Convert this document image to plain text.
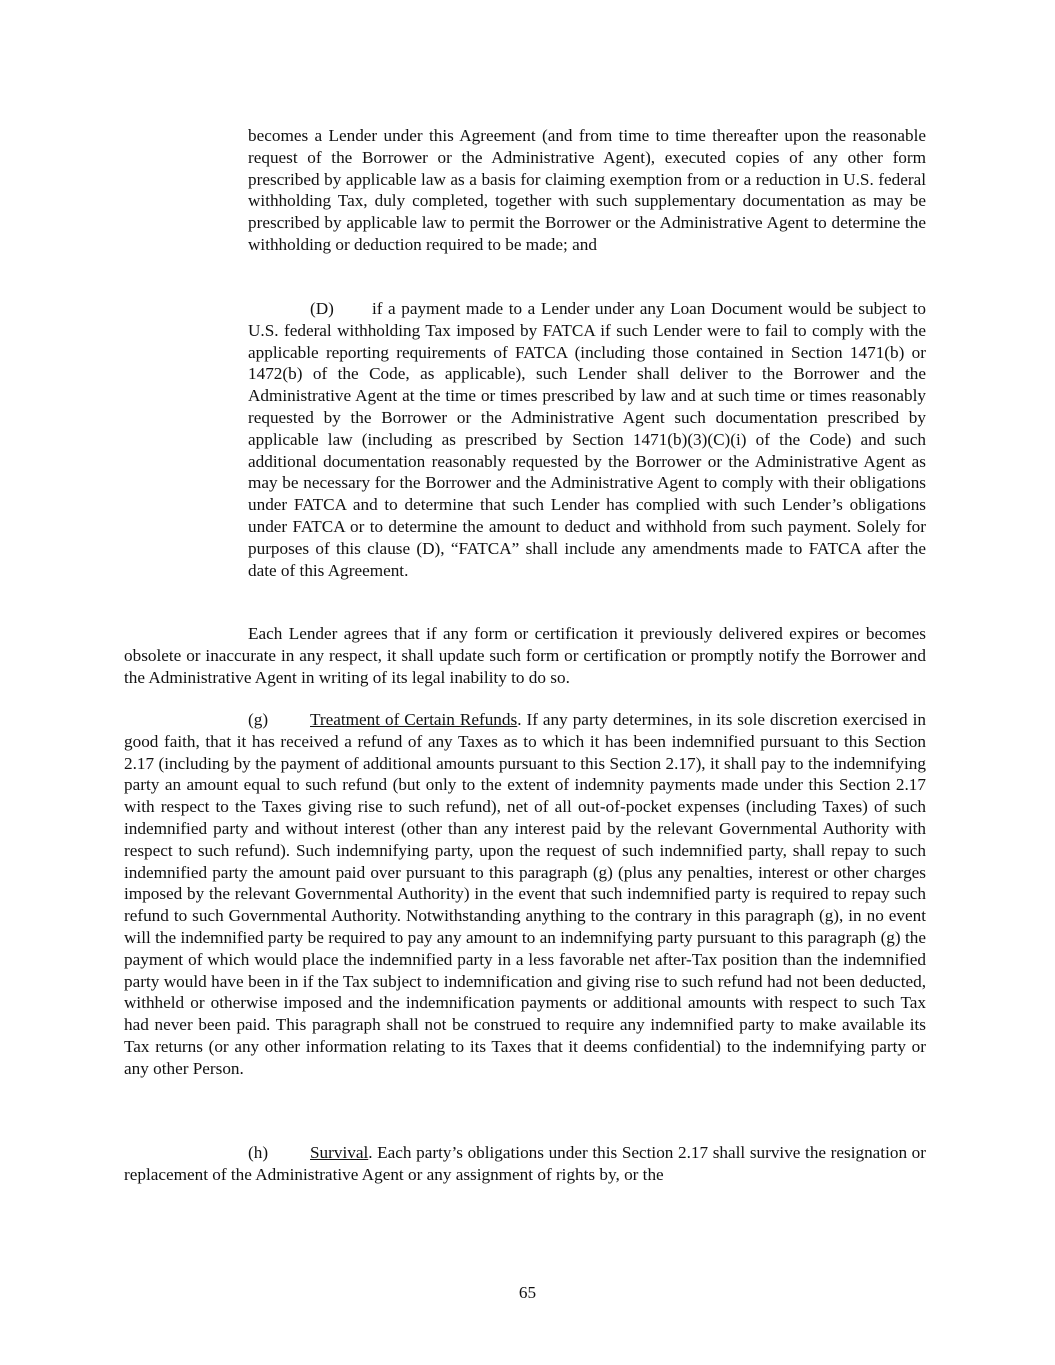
becomes a Lender under this Agreement (and from time to time thereafter upon the reasonable request of the Borrower or the Administrative Agent), executed copies of any other form prescribed by applicable law as a basis for claiming exemption from or a reduction in U.S. federal withholding Tax, duly completed, together with such supplementary documentation as may be prescribed by applicable law to permit the Borrower or the Administrative Agent to determine the withholding or deduction required to be made; and

(D) if a payment made to a Lender under any Loan Document would be subject to U.S. federal withholding Tax imposed by FATCA if such Lender were to fail to comply with the applicable reporting requirements of FATCA (including those contained in Section 1471(b) or 1472(b) of the Code, as applicable), such Lender shall deliver to the Borrower and the Administrative Agent at the time or times prescribed by law and at such time or times reasonably requested by the Borrower or the Administrative Agent such documentation prescribed by applicable law (including as prescribed by Section 1471(b)(3)(C)(i) of the Code) and such additional documentation reasonably requested by the Borrower or the Administrative Agent as may be necessary for the Borrower and the Administrative Agent to comply with their obligations under FATCA and to determine that such Lender has complied with such Lender’s obligations under FATCA or to determine the amount to deduct and withhold from such payment. Solely for purposes of this clause (D), “FATCA” shall include any amendments made to FATCA after the date of this Agreement.

Each Lender agrees that if any form or certification it previously delivered expires or becomes obsolete or inaccurate in any respect, it shall update such form or certification or promptly notify the Borrower and the Administrative Agent in writing of its legal inability to do so.

(g) Treatment of Certain Refunds. If any party determines, in its sole discretion exercised in good faith, that it has received a refund of any Taxes as to which it has been indemnified pursuant to this Section 2.17 (including by the payment of additional amounts pursuant to this Section 2.17), it shall pay to the indemnifying party an amount equal to such refund (but only to the extent of indemnity payments made under this Section 2.17 with respect to the Taxes giving rise to such refund), net of all out-of-pocket expenses (including Taxes) of such indemnified party and without interest (other than any interest paid by the relevant Governmental Authority with respect to such refund). Such indemnifying party, upon the request of such indemnified party, shall repay to such indemnified party the amount paid over pursuant to this paragraph (g) (plus any penalties, interest or other charges imposed by the relevant Governmental Authority) in the event that such indemnified party is required to repay such refund to such Governmental Authority. Notwithstanding anything to the contrary in this paragraph (g), in no event will the indemnified party be required to pay any amount to an indemnifying party pursuant to this paragraph (g) the payment of which would place the indemnified party in a less favorable net after-Tax position than the indemnified party would have been in if the Tax subject to indemnification and giving rise to such refund had not been deducted, withheld or otherwise imposed and the indemnification payments or additional amounts with respect to such Tax had never been paid. This paragraph shall not be construed to require any indemnified party to make available its Tax returns (or any other information relating to its Taxes that it deems confidential) to the indemnifying party or any other Person.

(h) Survival. Each party’s obligations under this Section 2.17 shall survive the resignation or replacement of the Administrative Agent or any assignment of rights by, or the

65
